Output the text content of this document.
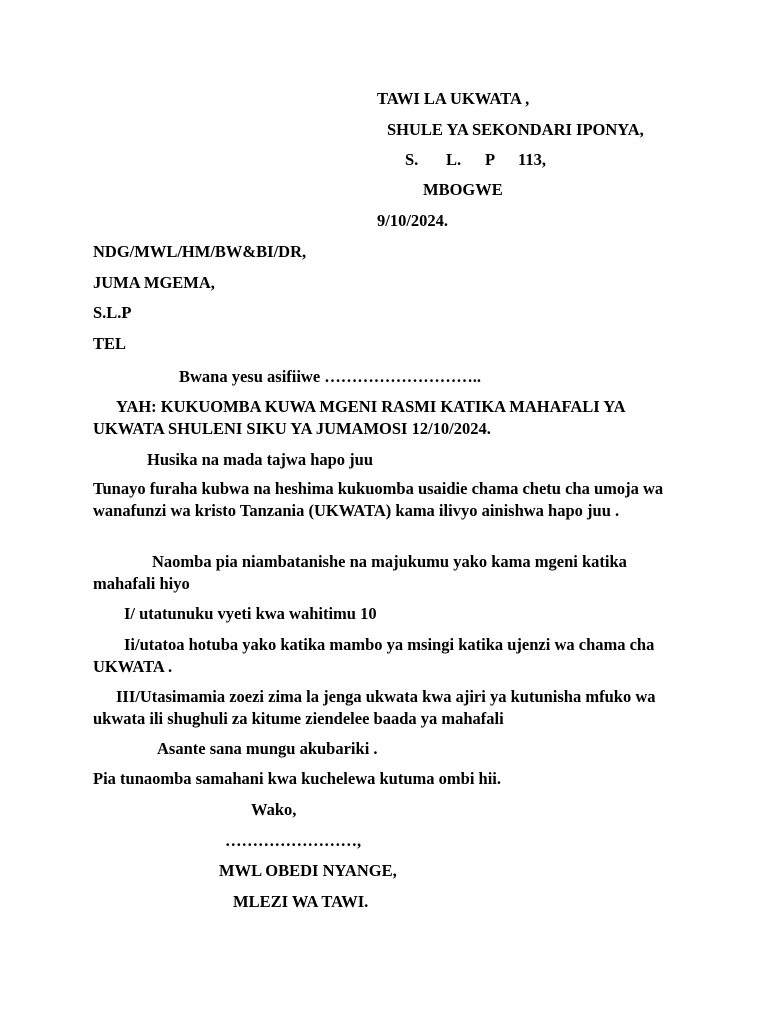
TAWI LA UKWATA ,

SHULE YA SEKONDARI IPONYA,

S. L. P 113,

MBOGWE

9/10/2024.

NDG/MWL/HM/BW&BI/DR,

JUMA MGEMA,

S.L.P

TEL

Bwana yesu asifiiwe ………………………..

YAH: KUKUOMBA KUWA MGENI RASMI KATIKA MAHAFALI YA UKWATA SHULENI SIKU YA JUMAMOSI 12/10/2024.

Husika na mada tajwa hapo juu

Tunayo furaha kubwa na heshima kukuomba usaidie chama chetu cha umoja wa wanafunzi wa kristo Tanzania (UKWATA) kama ilivyo ainishwa hapo juu .

Naomba pia niambatanishe na majukumu yako kama mgeni katika mahafali hiyo

I/ utatunuku vyeti kwa wahitimu 10

Ii/utatoa hotuba yako katika mambo ya msingi katika ujenzi wa chama cha UKWATA .

III/Utasimamia zoezi zima la jenga ukwata kwa ajiri ya kutunisha mfuko wa ukwata ili shughuli za kitume ziendelee baada ya mahafali

Asante sana mungu akubariki .

Pia tunaomba samahani kwa kuchelewa kutuma ombi hii.

Wako,

……………………,

MWL OBEDI NYANGE,

MLEZI WA TAWI.
